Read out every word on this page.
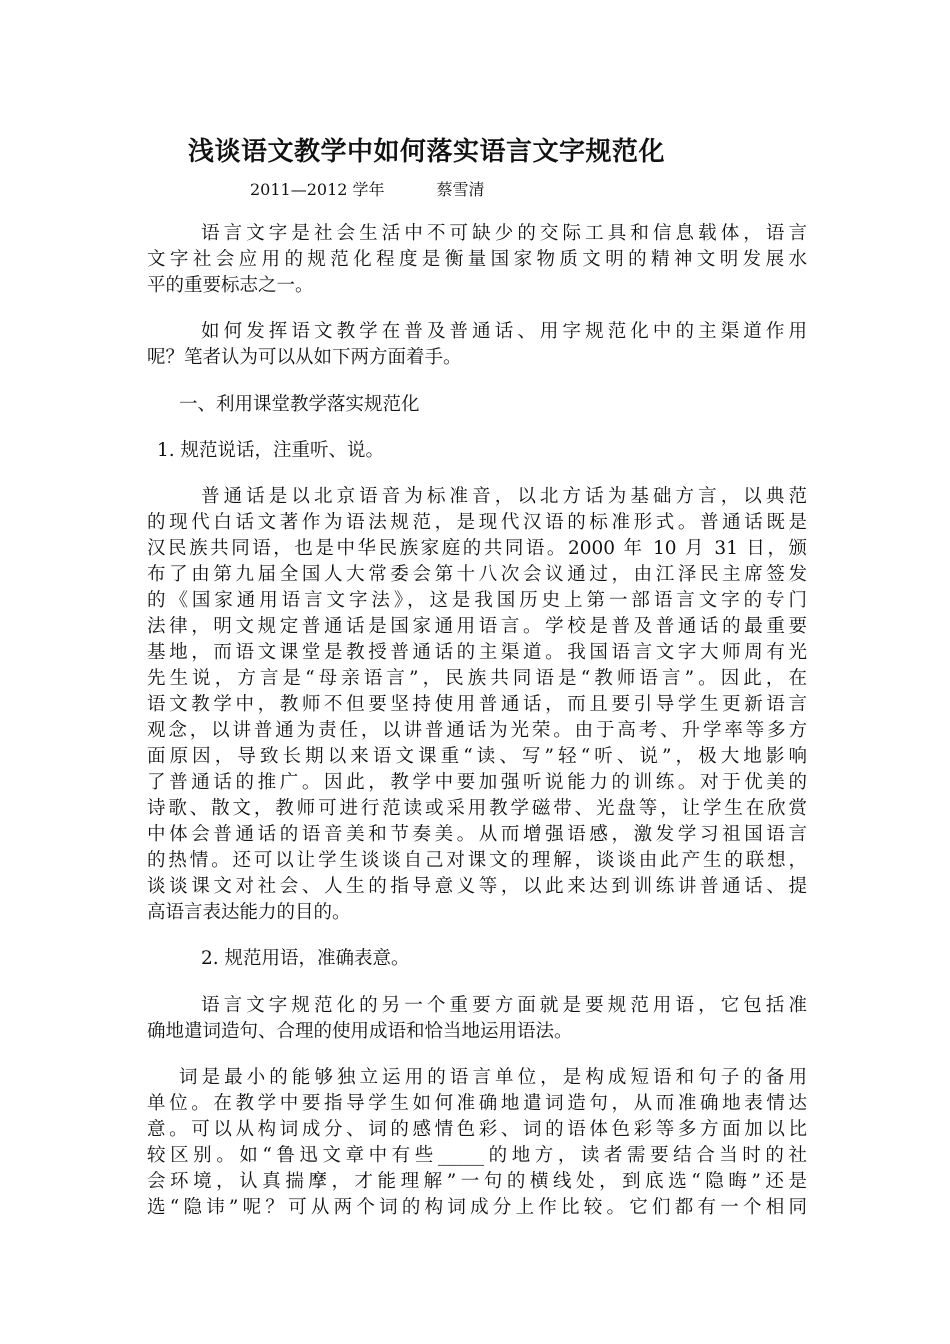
浅谈语文教学中如何落实语言文字规范化
2011—2012 学年	蔡雪清
语言文字是社会生活中不可缺少的交际工具和信息载体，语言
文字社会应用的规范化程度是衡量国家物质文明的精神文明发展水
平的重要标志之一。
如何发挥语文教学在普及普通话、用字规范化中的主渠道作用
呢？笔者认为可以从如下两方面着手。
一、利用课堂教学落实规范化
1. 规范说话，注重听、说。
普通话是以北京语音为标准音，以北方话为基础方言，以典范
的现代白话文著作为语法规范，是现代汉语的标准形式。普通话既是
汉民族共同语，也是中华民族家庭的共同语。2000 年 10 月 31 日，颁
布了由第九届全国人大常委会第十八次会议通过，由江泽民主席签发
的《国家通用语言文字法》，这是我国历史上第一部语言文字的专门
法律，明文规定普通话是国家通用语言。学校是普及普通话的最重要
基地，而语文课堂是教授普通话的主渠道。我国语言文字大师周有光
先生说，方言是“母亲语言”，民族共同语是“教师语言”。因此，在
语文教学中，教师不但要坚持使用普通话，而且要引导学生更新语言
观念，以讲普通为责任，以讲普通话为光荣。由于高考、升学率等多方
面原因，导致长期以来语文课重“读、写”轻“听、说”，极大地影响
了普通话的推广。因此，教学中要加强听说能力的训练。对于优美的
诗歌、散文，教师可进行范读或采用教学磁带、光盘等，让学生在欣赏
中体会普通话的语音美和节奏美。从而增强语感，激发学习祖国语言
的热情。还可以让学生谈谈自己对课文的理解，谈谈由此产生的联想，
谈谈课文对社会、人生的指导意义等，以此来达到训练讲普通话、提
高语言表达能力的目的。
2. 规范用语，准确表意。
语言文字规范化的另一个重要方面就是要规范用语，它包括准
确地遣词造句、合理的使用成语和恰当地运用语法。
词是最小的能够独立运用的语言单位，是构成短语和句子的备用
单位。在教学中要指导学生如何准确地遣词造句，从而准确地表情达
意。可以从构词成分、词的感情色彩、词的语体色彩等多方面加以比
较区别。如“鲁迅文章中有些_____的地方，读者需要结合当时的社
会环境，认真揣摩，才能理解”一句的横线处，到底选“隐晦”还是
选“隐讳”呢？可从两个词的构词成分上作比较。它们都有一个相同
